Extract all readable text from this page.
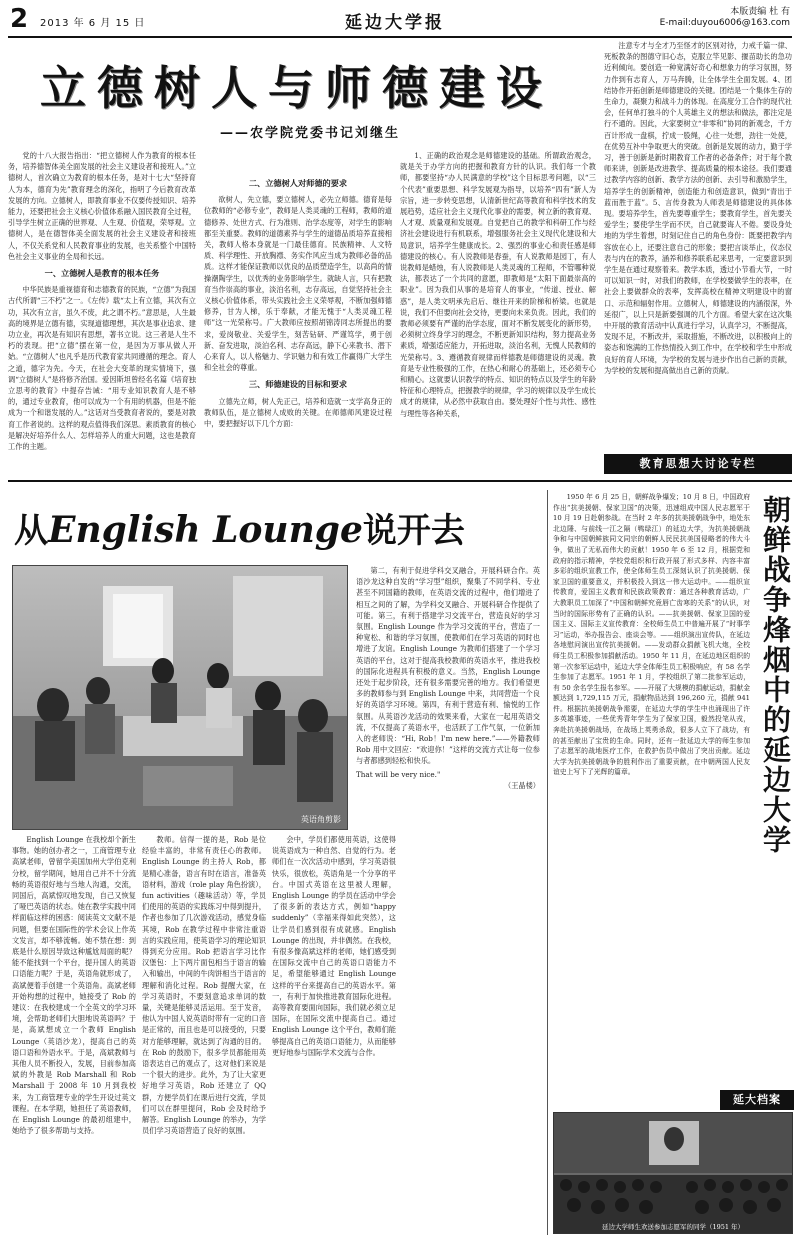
2 2013 年 6 月 15 日	延边大学报
本版责编 杜 有
E-mail:duyou6006@163.com
立德树人与师德建设
——农学院党委书记刘继生

党的十八大报告指出：“把立德树人作为教育的根本任务，培养德智体美全面发展的社会主义建设者和接班人。”立德树人，首次确立为教育的根本任务，是对十七大“坚持育人为本，德育为先”教育理念的深化，指明了今后教育改革发展的方向。立德树人，即教育事业不仅要传授知识、培养能力，还要把社会主义核心价值体系融入国民教育全过程，引导学生树立正确的世界观、人生观、价值观，荣辱观。立德树人，是在德智体美全面发展的社会主义建设者和接班人，不仅关系党和人民教育事业的发展，也关系整个中国特色社会主义事业的全局和长远。

一、立德树人是教育的根本任务

中华民族是重视德育和志德教育的民族，“立德”为我国古代所谓“三不朽”之一。《左传》载“太上有立德，其次有立功，其次有立言，虽久不废，此之谓不朽。”意思是，人生最高的境界是立德有德，实现道德理想，其次是事业追求、建功立业，再次是有知识有思想，著书立说。这三者是人生不朽的表现。把“立德”摆在第一位，是因为万事从做人开始。“立德树人”也凡乎是历代教育家共同遵循的理念。育人之道，德字为先。今天，在社会大变革的现实情境下，强调“立德树人”是将修齐治国。爱因斯坦曾经名名篇《培育独立思考的教育》中提存告诫：“用专业知识教育人是不够的，通过专业教育，他可以成为一个有用的机器，但是不能成为一个和谐发展的人。”这话对当受教育者说的，要是对教育工作者说的。这样的观点值得我们深思。素质教育的核心是解决好培养什么人、怎样培养人的重大问题，这也是教育工作的主题。

二、立德树人对师德的要求

欲树人，先立德，要立德树人，必先立师德。德育是每位教师的“必修专业”，教师是人类灵魂的工程师，教师的道德修养、处世方式、行为准则、治学态度等，对学生的影响都至关重要。教师的道德素养与学生的道德品质培养直接相关，教师人格本身就是一门最佳德育。民族精神、人文特质、科学理性、开放胸襟、务实作风应当成为教师必备的品质。这样才能保证教师以优良的品质塑造学生，以高尚的情操潮陶学生，以优秀的业务影响学生。就缺人言，只有把教育当作崇高的事业，淡泊名利，志存高远，自觉坚持社会主义核心价值体系，带头实践社会主义荣辱观，不断加强师德修养，甘为人梯，乐于奉献，才能无愧于“人类灵魂工程师”这一光荣称号。广大教师应按照胡锦涛同志所提出的要求，爱岗敬业、关爱学生，刻苦钻研、严谨笃学，勇于创新、奋发进取，淡泊名利、志存高远，静下心来教书、潜下心来育人，以人格魅力、学识魅力和有效工作赢得广大学生和全社会的尊重。

三、师德建设的目标和要求

立德先立师，树人先正己，培养和造就一支学高身正的教师队伍，是立德树人成败的关键。在师德师风建设过程中，要把握好以下几个方面：

1、正确的政治观念是师德建设的基础。所谓政治观念，就是关于办学方向的把握和教育方针的认识。我们每一个教师，都要坚持“办人民满意的学校”这个目标思考问题，以“三个代表”重要思想、科学发展观为指导，以培养“四有”新人为宗旨，进一步转变思想，认清新世纪高等教育和科学技术的发展趋势，适应社会主义现代化事业的需要，树立新的教育观、人才观、质量观和发展观。自觉把自己的教学和科研工作与经济社会建设进行有机联系，增强服务社会主义现代化建设和大局意识，培养学生健康成长。2、强烈的事业心和责任感是师德建设的核心。有人说教师是春蚕，有人说教师是园丁，有人说教师是蜡烛，有人说教师是人类灵魂的工程师，不管哪种说法，都表达了一个共同的意愿，即教师是“太阳下面最崇高的职业”。因为我们从事的是培育人的事业，“传道、授业、解惑”，是人类文明承先启后、继往开来的阶梯和桥梁。也就是说，我们不但要向社会交待，更要向未来负责。因此，我们的教师必须要有严谨的治学态度，面对不断发展变化的新形势，必须树立终身学习的理念，不断更新知识结构，努力提高业务素质，增强适应能力，开拓进取，淡泊名利，无愧人民教师的光荣称号。3、遵循教育规律而样德教是师德建设的灵魂。教育是专业性极强的工作，在热心和耐心的基础上，还必须专心和精心。这就要认识教学的特点、知识的特点以及学生的年龄特征和心理特点，把握教学的规律，学习的规律以及学生成长成才的规律，从必然中获取自由。要处理好个性与共性、感性与理性等各种关系，

注意专才与全才乃至怪才的区别对待，力戒千篇一律、死板教条的图德守旧心态，克服立竿见影、揠苗助长的急功近利倾向。要创造一种宽满好奇心和想象力的学习氛围，努力作到有志育人，万马奔腾，让全体学生全面发展。4、团结协作开拓创新是师德建设的关键。团结是一个集体生存的生命力，凝聚力和战斗力的体现。在高度分工合作的现代社会，任何单打独斗的个人英雄主义的想法和做法，都注定是行不通的。因此，大家要树立“非零和”协同的新观念，千方百计形成一盘棋，拧成一股绳，心往一处想，劲往一处使，在优势互补中争取更大的突破。创新是发展的动力，勤于学习，善于创新是新时期教育工作者的必备条件；对于每个教师来讲，创新是改进教学、提高质量的根本途径。我们要通过教学内容的创新、教学方法的创新、去引导和激励学生，培养学生的创新精神，创造能力和创造意识，做到“青出于蓝而胜于蓝”。5、言传身教为人师表是师德建设的具体体现。要培养学生，首先要尊重学生；要教育学生，首先要关爱学生；要使学生学而不厌，自己就要诲人不倦。要设身处地的为学生着想，时刻记住自己的角色身份：既要把教学内容放在心上，还要注意自己的形象；要把言谈举止，仪态仪表与内在的教养，涵养和修养联系起来思考，一定要意识到学生是在通过观察着来。教学本质，透过小节看大节，一时可以知识一时，对我们的教师，在学校要做学生的表率，在社会上要做群众的表率，发挥高校在精神文明建设中的窗口、示范和辐射作用。立德树人，师德建设的内涵很深，外延很广，以上只是新要强调的几个方面。希望大家在这次集中开展的教育活动中认真进行学习，认真学习，不断提高，发现不足，不断改并，采取措施，不断改进，以积极向上的姿态和饱满的工作热情投入到工作中，在学校和学生中形成良好的育人环境，为学校的发展与进步作出自己新的贡献，为学校的发展和提高做出自己新的贡献。

教育思想大讨论专栏
从English Lounge说开去
英语角剪影

English Lounge 在我校却个新生事物。她的创办者之一，工商管理专业高斌老师，曾留学美国加州大学伯克利分校，留学期间，她用自己并不十分流畅的英语很好地与当地人沟通，交流，同国后，高斌惊叹地发现，自己又恢复了哑巴英语的状态。她在教学实践中同样面临这样的困惑：阅读英文文献不是问题，但要在国际性的学术会议上作英文发言，却不够流畅。她不禁在想：到底是什么原因导致这种尴尬局面的呢？能不能找到一个平台，提升国人的英语口语能力呢？于是，英语角就形成了，高斌便着手创建一个英语角。高斌老师开始构想的过程中，她接受了 Rob 的建议：在我校建成一个全英文的学习环境，会帮助老师们大胆地说英语吗？于是，高斌想成立一个教师 English Lounge（英语沙龙），提高自己的英语口语和外语水平。于是，高斌教师与其他人员不断投入，发展，目前参加高斌的外教是 Rob Marshall 和 Rob Marshall 于 2008 年 10 月到我校来，为工商管理专业的学生开设过英文课程。在本学期，她担任了英语教师，在 English Lounge 的最初组建中，她给予了很多帮助与支持。

教师。信得一提的是，Rob 是位经验丰富的，非常有责任心的教师。English Lounge 的主持人 Rob，都是精心准备，语言有时在语言，准备英语材料，游戏（role play 角色扮演），fun activities（趣味活动）等，学员们使用的英语的实践练习中得到提升，作者也参加了几次游戏活动，感觉身临其境，Rob 在教学过程中非常注重语言的实践应用，使英语学习的理论知识得到充分应用。Rob 把语言学习比作汉堡包：上下两片面包相当于语言的输入和输出，中间的牛肉饼相当于语言的理解和消化过程。Rob 提醒大家，在学习英语时，不要刻意追求单词的数量，关键是能够灵活运用。至于发音，他认为中国人说英语时带有一定的口音是正常的，而且也是可以接受的，只要对方能够理解，就达到了沟通的目的。在 Rob 的鼓励下，很多学员都能用英语表达自己的观点了，这对他们来说是一个很大的进步。此外，为了让大家更好地学习英语，Rob 还建立了 QQ 群，方便学员们在课后进行交流，学员们可以在群里提问，Rob 会及时给予解答。English Lounge 的举办，为学员们学习英语营造了良好的氛围。

会中，学员们都使用英语，这使得说英语成为一种自然、自觉的行为。老师们在一次次活动中感到，学习英语很快乐，很放松，英语角是一个分享的平台。中国式英语在这里被人理解，English Lounge 的学员在活动中学会了很多新的表达方式，例如“happy suddenly”（幸福来得如此突然），这让学员们感到很有成就感。English Lounge 的出现，并非偶然。在我校，有很多像高斌这样的老师，她们感受到在国际交流中自己的英语口语能力不足，希望能够通过 English Lounge 这样的平台来提高自己的英语水平。第一，有利于加快推进教育国际化进程。高等教育要面向国际，我们就必须立足国际，在国际交流中提高自己。通过 English Lounge 这个平台，教师们能够提高自己的英语口语能力，从而能够更好地参与国际学术交流与合作。

第二，有利于促进学科交叉融合，开展科研合作。英语沙龙这种自发的“学习型”组织，聚集了不同学科、专业甚至不同国籍的教师，在英语交流的过程中，他们增进了相互之间的了解，为学科交叉融合、开展科研合作提供了可能。第三，有利于搭建学习交流平台，营造良好的学习氛围。English Lounge 作为学习交流的平台，营造了一种宽松、和谐的学习氛围，使教师们在学习英语的同时也增进了友谊。English Lounge 为教师们搭建了一个学习英语的平台，这对于提高我校教师的英语水平，推进我校的国际化进程具有积极的意义。当然，English Lounge 还处于起步阶段，还有很多需要完善的地方。我们希望更多的教师参与到 English Lounge 中来，共同营造一个良好的英语学习环境。第四，有利于营造有利、愉悦的工作氛围。从英语沙龙活动的效果来看，大家在一起用英语交流，不仅提高了英语水平，也活跃了工作气氛，一位新加入的老师说：“Hi, Rob！I'm new here.”——外籍教师 Rob 用中文回应：“欢迎你！”这样的交流方式让每一位参与者都感到轻松和快乐。

That will be very nice."

（王晶楼）

1950 年 6 月 25 日，朝鲜战争爆发；10 月 8 日，中国政府作出“抗美援朝、保家卫国”的决策，迅速组成中国人民志愿军于 10 月 19 日赴朝参战。在当时 2 年多的抗美援朝战争中，地处东北边陲、与前线一江之隔（鸭绿江）的延边大学，为抗美援朝战争和与中国朝鲜族同文同宗的朝鲜人民民抗美国侵略者的伟大斗争，做出了无私而伟大的贡献！1950 年 6 至 12 月，根据党和政府的指示精神，学校党组织和行政开展了形式多样、内容丰富多彩的组织宣教工作，使全体师生员工深刻认识了抗美援朝、保家卫国的重要意义，并积极投入到这一伟大运动中。——组织宣传教育，爱国主义教育和民族政策教育：通过各种教育活动，广大教职员工加深了“中国和朝鲜究竟唇亡齿寒的关系”的认识，对当时的国际形势有了正确的认识。——抗美援朝、保家卫国的爱国主义、国际主义宣传教育：全校师生员工中普遍开展了“时事学习”运动，举办报告会、座谈会等。——组织演出宣传队，在延边各地慰问演出宣传抗美援朝。——发动群众捐献飞机大炮，全校师生员工积极参加捐献活动。1950 年 11 月，在延边地区组织的第一次参军运动中，延边大学全体师生员工积极响应，有 58 名学生参加了志愿军。1951 年 1 月，学校组织了第二批参军运动，有 50 余名学生报名参军。——开展了大规模的捐献运动，捐献金额达到 1,729,115 万元，捐献物品达到 196,260 元，捐献 941 件。根据抗美援朝战争需要，在延边大学的学生中也涌现出了许多英雄事迹，一些优秀青年学生为了保家卫国，毅然投笔从戎，奔赴抗美援朝战场，在战场上英勇杀敌，很多人立下了战功，有的甚至献出了宝贵的生命。同时，还有一批延边大学的师生参加了志愿军的战地医疗工作，在救护伤员中做出了突出贡献。延边大学为抗美援朝战争的胜利作出了重要贡献，在中朝两国人民友谊史上写下了光辉的篇章。	朝鲜战争烽烟中的延边大学
延大档案
延边大学师生欢送参加志愿军的同学（1951 年）
